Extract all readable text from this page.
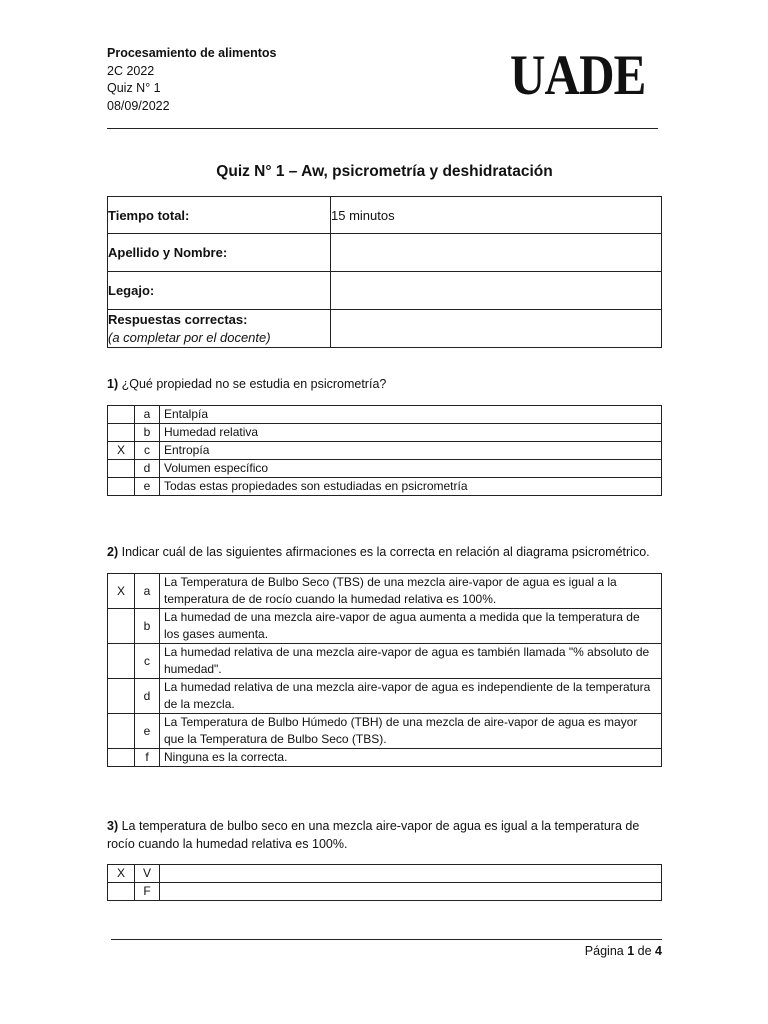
Procesamiento de alimentos
2C 2022
Quiz N° 1
08/09/2022	UADE
Quiz N° 1 – Aw, psicrometría y deshidratación
Tiempo total:	15 minutos
Apellido y Nombre:	
Legajo:	

Respuestas correctas:
(a completar por el docente)	

1) ¿Qué propiedad no se estudia en psicrometría?
	a	Entalpía
	b	Humedad relativa
X	c	Entropía
	d	Volumen específico
	e	Todas estas propiedades son estudiadas en psicrometría
2) Indicar cuál de las siguientes afirmaciones es la correcta en relación al diagrama psicrométrico.
X	a	La Temperatura de Bulbo Seco (TBS) de una mezcla aire-vapor de agua es igual a la temperatura de de rocío cuando la humedad relativa es 100%.
	b	La humedad de una mezcla aire-vapor de agua aumenta a medida que la temperatura de los gases aumenta.
	c	La humedad relativa de una mezcla aire-vapor de agua es también llamada "% absoluto de humedad".
	d	La humedad relativa de una mezcla aire-vapor de agua es independiente de la temperatura de la mezcla.
	e	La Temperatura de Bulbo Húmedo (TBH) de una mezcla de aire-vapor de agua es mayor que la Temperatura de Bulbo Seco (TBS).
	f	Ninguna es la correcta.
3) La temperatura de bulbo seco en una mezcla aire-vapor de agua es igual a la temperatura de rocío cuando la humedad relativa es 100%.
X	V	
	F	
Página 1 de 4
